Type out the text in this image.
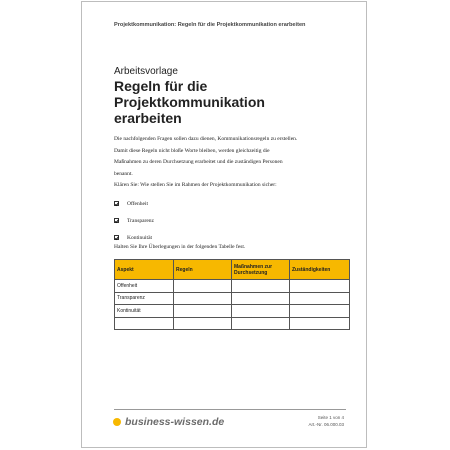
Projektkommunikation: Regeln für die Projektkommunikation erarbeiten
Arbeitsvorlage
Regeln für die
Projektkommunikation
erarbeiten
Die nachfolgenden Fragen sollen dazu dienen, Kommunikationsregeln zu erstellen. Damit diese Regeln nicht bloße Worte bleiben, werden gleichzeitig die Maßnahmen zu deren Durchsetzung erarbeitet und die zuständigen Personen benannt.
Klären Sie: Wie stellen Sie im Rahmen der Projektkommunikation sicher:
Offenheit
Transparenz
Kontinuität
Halten Sie Ihre Überlegungen in der folgenden Tabelle fest.
Aspekt	Regeln	Maßnahmen zur Durchsetzung	Zuständigkeiten
Offenheit			
Transparenz			
Kontinuität			

business-wissen.de	Seite 1 von 4
Art.-Nr. 06.000.03
